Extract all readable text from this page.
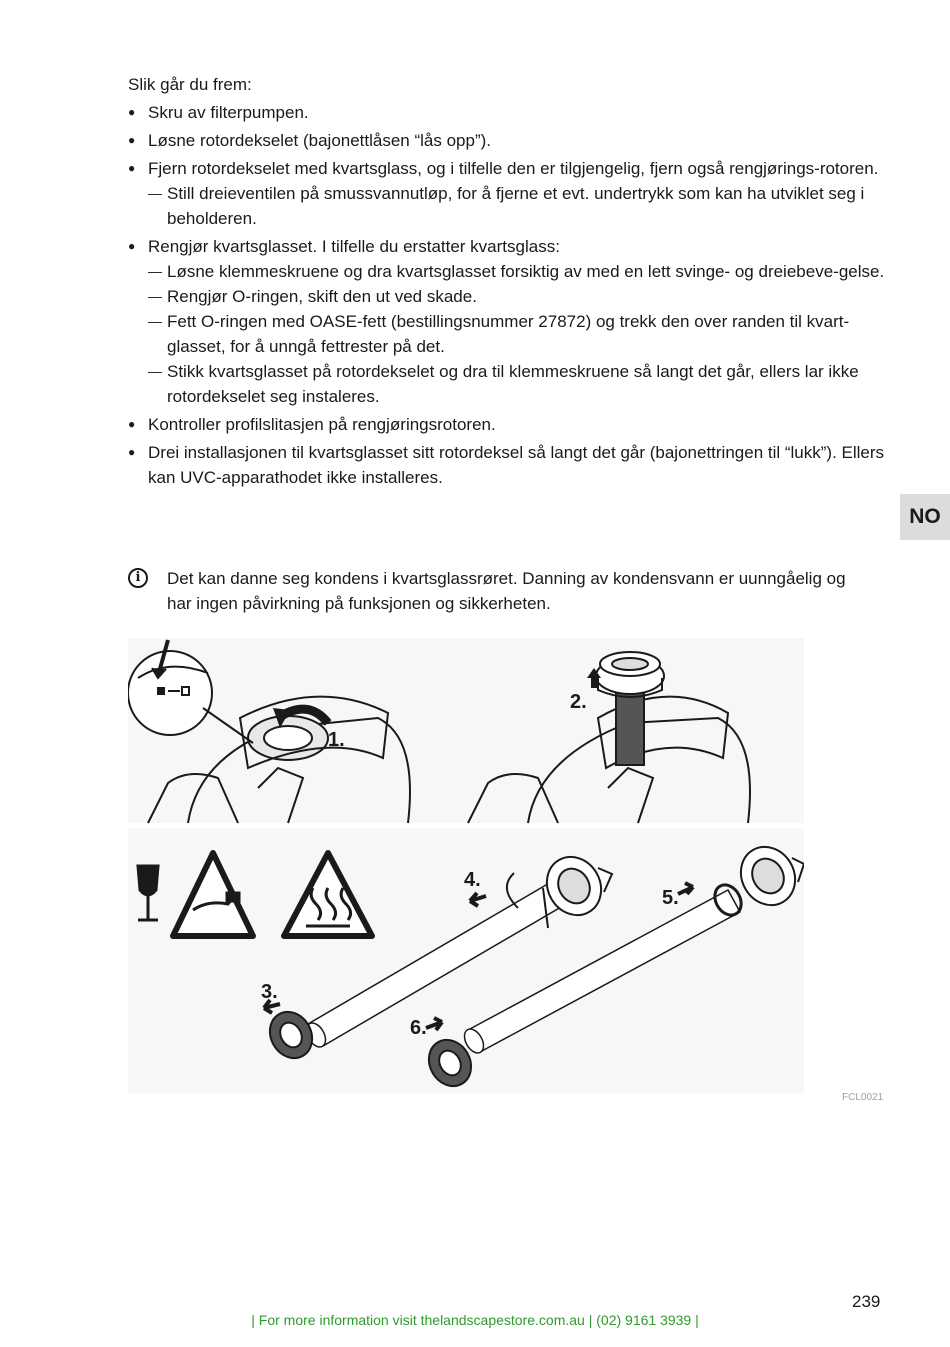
Slik går du frem:

● Skru av filterpumpen.
● Løsne rotordekselet (bajonettlåsen “lås opp”).
● Fjern rotordekselet med kvartsglass, og i tilfelle den er tilgjengelig, fjern også rengjørings-rotoren.
— Still dreieventilen på smussvannutløp, for å fjerne et evt. undertrykk som kan ha utviklet seg i beholderen.
● Rengjør kvartsglasset. I tilfelle du erstatter kvartsglass:
— Løsne klemmeskruene og dra kvartsglasset forsiktig av med en lett svinge- og dreiebeve-gelse.
— Rengjør O-ringen, skift den ut ved skade.
— Fett O-ringen med OASE-fett (bestillingsnummer 27872) og trekk den over randen til kvart-glasset, for å unngå fettrester på det.
— Stikk kvartsglasset på rotordekselet og dra til klemmeskruene så langt det går, ellers lar ikke rotordekselet seg instaleres.
● Kontroller profilslitasjen på rengjøringsrotoren.
● Drei installasjonen til kvartsglasset sitt rotordeksel så langt det går (bajonettringen til “lukk”). Ellers kan UVC-apparathodet ikke installeres.
i	Det kan danne seg kondens i kvartsglassrøret. Danning av kondensvann er uunngåelig og har ingen påvirkning på funksjonen og sikkerheten.
NO
1.
2.
3.
4.
5.
6.
FCL0021
239
| For more information visit thelandscapestore.com.au | (02) 9161 3939 |
